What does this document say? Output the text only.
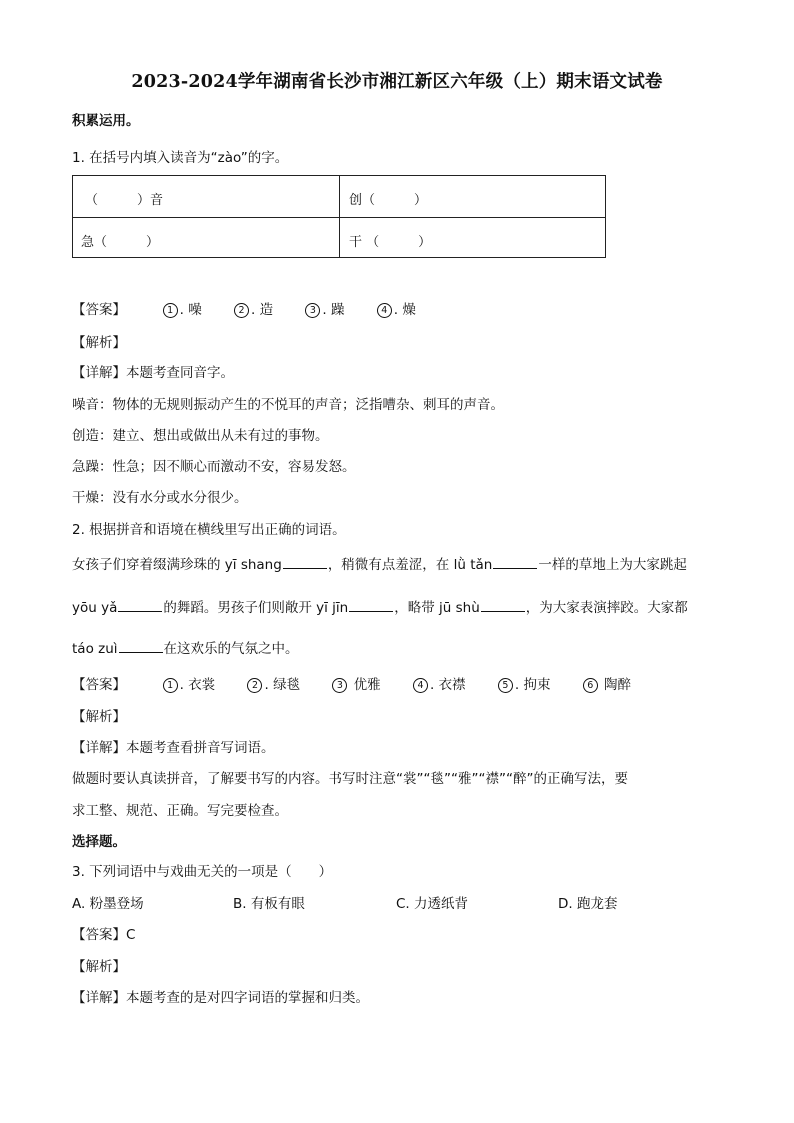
2023-2024学年湖南省长沙市湘江新区六年级（上）期末语文试卷
积累运用。
1. 在括号内填入读音为“zào”的字。
（　　　）音	创（　　　）
急（　　　）	干 （　　　）
【答案】	1 . 噪	2 . 造	3 . 躁	4 . 燥
【解析】
【详解】本题考查同音字。
噪音：物体的无规则振动产生的不悦耳的声音；泛指嘈杂、刺耳的声音。
创造：建立、想出或做出从未有过的事物。
急躁：性急；因不顺心而激动不安，容易发怒。
干燥：没有水分或水分很少。
2. 根据拼音和语境在横线里写出正确的词语。
女孩子们穿着缀满珍珠的 yī shang	，稍微有点羞涩，在 lǜ tǎn	一样的草地上为大家跳起
yōu yǎ	的舞蹈。男孩子们则敞开 yī jīn	，略带 jū shù	，为大家表演摔跤。大家都
táo zuì	在这欢乐的气氛之中。
【答案】	1 . 衣裳	2 . 绿毯	3 优雅	4 . 衣襟	5 . 拘束	6 陶醉
【解析】
【详解】本题考查看拼音写词语。
做题时要认真读拼音，了解要书写的内容。书写时注意“裳”“毯”“雅”“襟”“醉”的正确写法，要
求工整、规范、正确。写完要检查。
选择题。
3. 下列词语中与戏曲无关的一项是（　　）
A. 粉墨登场	B. 有板有眼	C. 力透纸背	D. 跑龙套
【答案】C
【解析】
【详解】本题考查的是对四字词语的掌握和归类。
